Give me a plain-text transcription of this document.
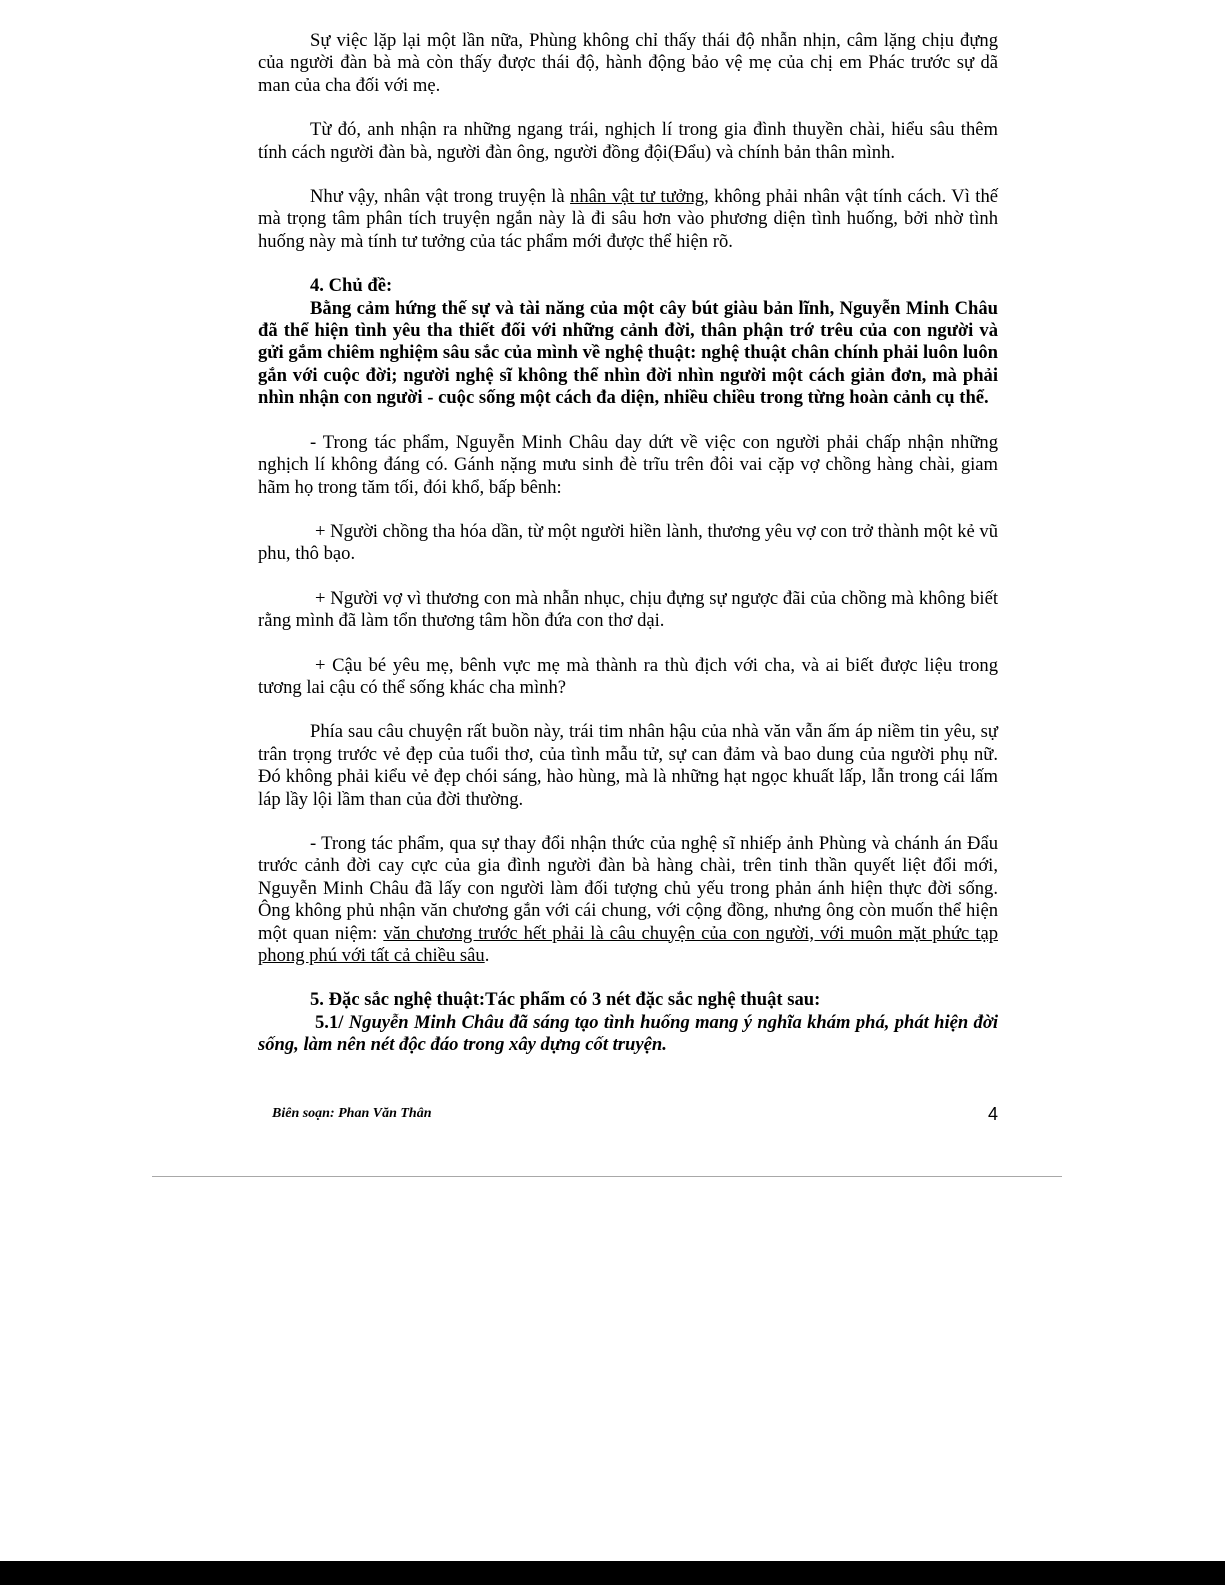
Sự việc lặp lại một lần nữa, Phùng không chỉ thấy thái độ nhẫn nhịn, câm lặng chịu đựng của người đàn bà mà còn thấy được thái độ, hành động bảo vệ mẹ của chị em Phác trước sự dã man của cha đối với mẹ.

Từ đó, anh nhận ra những ngang trái, nghịch lí trong gia đình thuyền chài, hiểu sâu thêm tính cách người đàn bà, người đàn ông, người đồng đội(Đẩu) và chính bản thân mình.

Như vậy, nhân vật trong truyện là nhân vật tư tưởng, không phải nhân vật tính cách. Vì thế mà trọng tâm phân tích truyện ngắn này là đi sâu hơn vào phương diện tình huống, bởi nhờ tình huống này mà tính tư tưởng của tác phẩm mới được thể hiện rõ.

4. Chủ đề:

Bằng cảm hứng thế sự và tài năng của một cây bút giàu bản lĩnh, Nguyễn Minh Châu đã thể hiện tình yêu tha thiết đối với những cảnh đời, thân phận trớ trêu của con người và gửi gắm chiêm nghiệm sâu sắc của mình về nghệ thuật: nghệ thuật chân chính phải luôn luôn gắn với cuộc đời; người nghệ sĩ không thể nhìn đời nhìn người một cách giản đơn, mà phải nhìn nhận con người - cuộc sống một cách đa diện, nhiều chiều trong từng hoàn cảnh cụ thể.

- Trong tác phẩm, Nguyễn Minh Châu day dứt về việc con người phải chấp nhận những nghịch lí không đáng có. Gánh nặng mưu sinh đè trĩu trên đôi vai cặp vợ chồng hàng chài, giam hãm họ trong tăm tối, đói khổ, bấp bênh:

+ Người chồng tha hóa dần, từ một người hiền lành, thương yêu vợ con trở thành một kẻ vũ phu, thô bạo.

+ Người vợ vì thương con mà nhẫn nhục, chịu đựng sự ngược đãi của chồng mà không biết rằng mình đã làm tổn thương tâm hồn đứa con thơ dại.

+ Cậu bé yêu mẹ, bênh vực mẹ mà thành ra thù địch với cha, và ai biết được liệu trong tương lai cậu có thể sống khác cha mình?

Phía sau câu chuyện rất buồn này, trái tim nhân hậu của nhà văn vẫn ấm áp niềm tin yêu, sự trân trọng trước vẻ đẹp của tuổi thơ, của tình mẫu tử, sự can đảm và bao dung của người phụ nữ. Đó không phải kiểu vẻ đẹp chói sáng, hào hùng, mà là những hạt ngọc khuất lấp, lẫn trong cái lấm láp lầy lội lầm than của đời thường.

- Trong tác phẩm, qua sự thay đổi nhận thức của nghệ sĩ nhiếp ảnh Phùng và chánh án Đẩu trước cảnh đời cay cực của gia đình người đàn bà hàng chài, trên tinh thần quyết liệt đổi mới, Nguyễn Minh Châu đã lấy con người làm đối tượng chủ yếu trong phản ánh hiện thực đời sống. Ông không phủ nhận văn chương gắn với cái chung, với cộng đồng, nhưng ông còn muốn thể hiện một quan niệm: văn chương trước hết phải là câu chuyện của con người, với muôn mặt phức tạp phong phú với tất cả chiều sâu.

5. Đặc sắc nghệ thuật:Tác phẩm có 3 nét đặc sắc nghệ thuật sau:

5.1/ Nguyễn Minh Châu đã sáng tạo tình huống mang ý nghĩa khám phá, phát hiện đời sống, làm nên nét độc đáo trong xây dựng cốt truyện.

Biên soạn: Phan Văn Thân	4
